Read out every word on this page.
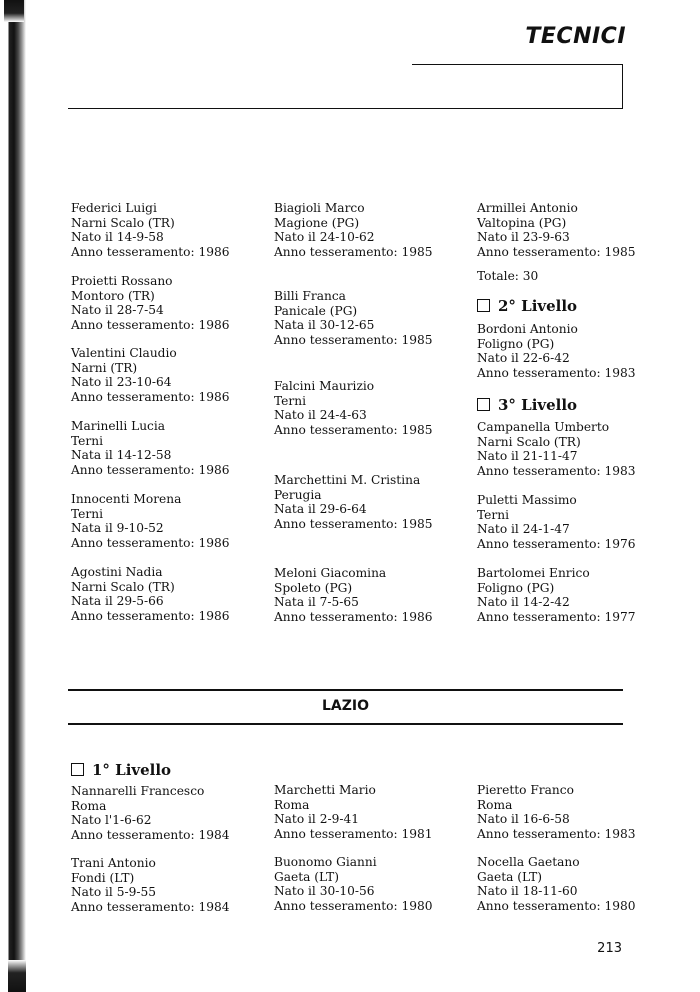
TECNICI
Federici Luigi
Narni Scalo (TR)
Nato il 14-9-58
Anno tesseramento: 1986
Proietti Rossano
Montoro (TR)
Nato il 28-7-54
Anno tesseramento: 1986
Valentini Claudio
Narni (TR)
Nato il 23-10-64
Anno tesseramento: 1986
Marinelli Lucia
Terni
Nata il 14-12-58
Anno tesseramento: 1986
Innocenti Morena
Terni
Nata il 9-10-52
Anno tesseramento: 1986
Agostini Nadia
Narni Scalo (TR)
Nata il 29-5-66
Anno tesseramento: 1986
Biagioli Marco
Magione (PG)
Nato il 24-10-62
Anno tesseramento: 1985
Billi Franca
Panicale (PG)
Nata il 30-12-65
Anno tesseramento: 1985
Falcini Maurizio
Terni
Nato il 24-4-63
Anno tesseramento: 1985
Marchettini M. Cristina
Perugia
Nata il 29-6-64
Anno tesseramento: 1985
Meloni Giacomina
Spoleto (PG)
Nata il 7-5-65
Anno tesseramento: 1986
Armillei Antonio
Valtopina (PG)
Nato il 23-9-63
Anno tesseramento: 1985
Totale: 30
2° Livello
Bordoni Antonio
Foligno (PG)
Nato il 22-6-42
Anno tesseramento: 1983
3° Livello
Campanella Umberto
Narni Scalo (TR)
Nato il 21-11-47
Anno tesseramento: 1983
Puletti Massimo
Terni
Nato il 24-1-47
Anno tesseramento: 1976
Bartolomei Enrico
Foligno (PG)
Nato il 14-2-42
Anno tesseramento: 1977
LAZIO
1° Livello
Nannarelli Francesco
Roma
Nato l'1-6-62
Anno tesseramento: 1984
Trani Antonio
Fondi (LT)
Nato il 5-9-55
Anno tesseramento: 1984
Marchetti Mario
Roma
Nato il 2-9-41
Anno tesseramento: 1981
Buonomo Gianni
Gaeta (LT)
Nato il 30-10-56
Anno tesseramento: 1980
Pieretto Franco
Roma
Nato il 16-6-58
Anno tesseramento: 1983
Nocella Gaetano
Gaeta (LT)
Nato il 18-11-60
Anno tesseramento: 1980
213
